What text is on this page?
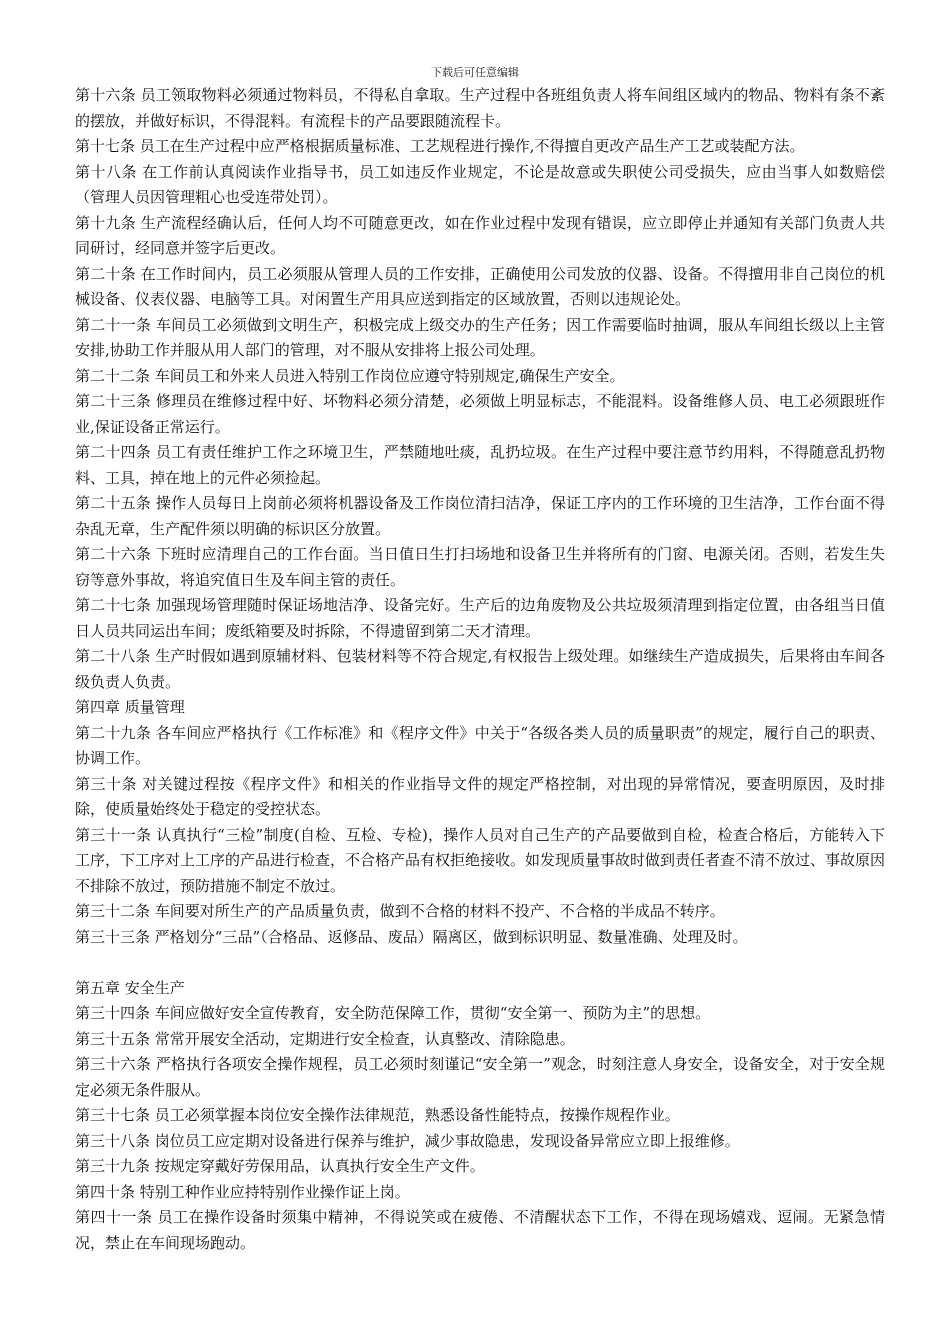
下载后可任意编辑

第十六条 员工领取物料必须通过物料员，不得私自拿取。生产过程中各班组负责人将车间组区域内的物品、物料有条不紊的摆放，并做好标识，不得混料。有流程卡的产品要跟随流程卡。

第十七条 员工在生产过程中应严格根据质量标准、工艺规程进行操作,不得擅自更改产品生产工艺或装配方法。

第十八条 在工作前认真阅读作业指导书，员工如违反作业规定，不论是故意或失职使公司受损失，应由当事人如数赔偿（管理人员因管理粗心也受连带处罚）。

第十九条 生产流程经确认后，任何人均不可随意更改，如在作业过程中发现有错误，应立即停止并通知有关部门负责人共同研讨，经同意并签字后更改。

第二十条 在工作时间内，员工必须服从管理人员的工作安排，正确使用公司发放的仪器、设备。不得擅用非自己岗位的机械设备、仪表仪器、电脑等工具。对闲置生产用具应送到指定的区域放置，否则以违规论处。

第二十一条 车间员工必须做到文明生产，积极完成上级交办的生产任务；因工作需要临时抽调，服从车间组长级以上主管安排,协助工作并服从用人部门的管理，对不服从安排将上报公司处理。

第二十二条 车间员工和外来人员进入特别工作岗位应遵守特别规定,确保生产安全。

第二十三条 修理员在维修过程中好、坏物料必须分清楚，必须做上明显标志，不能混料。设备维修人员、电工必须跟班作业,保证设备正常运行。

第二十四条 员工有责任维护工作之环境卫生，严禁随地吐痰，乱扔垃圾。在生产过程中要注意节约用料，不得随意乱扔物料、工具，掉在地上的元件必须捡起。

第二十五条 操作人员每日上岗前必须将机器设备及工作岗位清扫洁净，保证工序内的工作环境的卫生洁净，工作台面不得杂乱无章，生产配件须以明确的标识区分放置。

第二十六条 下班时应清理自己的工作台面。当日值日生打扫场地和设备卫生并将所有的门窗、电源关闭。否则，若发生失窃等意外事故，将追究值日生及车间主管的责任。

第二十七条 加强现场管理随时保证场地洁净、设备完好。生产后的边角废物及公共垃圾须清理到指定位置，由各组当日值日人员共同运出车间；废纸箱要及时拆除，不得遗留到第二天才清理。

第二十八条 生产时假如遇到原辅材料、包装材料等不符合规定,有权报告上级处理。如继续生产造成损失，后果将由车间各级负责人负责。

第四章 质量管理

第二十九条 各车间应严格执行《工作标准》和《程序文件》中关于“各级各类人员的质量职责”的规定，履行自己的职责、协调工作。

第三十条 对关键过程按《程序文件》和相关的作业指导文件的规定严格控制，对出现的异常情况，要查明原因，及时排除，使质量始终处于稳定的受控状态。

第三十一条 认真执行“三检”制度(自检、互检、专检)，操作人员对自己生产的产品要做到自检，检查合格后，方能转入下工序，下工序对上工序的产品进行检查，不合格产品有权拒绝接收。如发现质量事故时做到责任者查不清不放过、事故原因不排除不放过，预防措施不制定不放过。

第三十二条 车间要对所生产的产品质量负责，做到不合格的材料不投产、不合格的半成品不转序。

第三十三条 严格划分“三品”（合格品、返修品、废品）隔离区，做到标识明显、数量准确、处理及时。

第五章 安全生产

第三十四条 车间应做好安全宣传教育，安全防范保障工作，贯彻“安全第一、预防为主”的思想。

第三十五条 常常开展安全活动，定期进行安全检查，认真整改、清除隐患。

第三十六条 严格执行各项安全操作规程，员工必须时刻谨记“安全第一”观念，时刻注意人身安全，设备安全，对于安全规定必须无条件服从。

第三十七条 员工必须掌握本岗位安全操作法律规范，熟悉设备性能特点，按操作规程作业。

第三十八条 岗位员工应定期对设备进行保养与维护，减少事故隐患，发现设备异常应立即上报维修。

第三十九条 按规定穿戴好劳保用品，认真执行安全生产文件。

第四十条 特别工种作业应持特别作业操作证上岗。

第四十一条 员工在操作设备时须集中精神，不得说笑或在疲倦、不清醒状态下工作，不得在现场嬉戏、逗闹。无紧急情况，禁止在车间现场跑动。
